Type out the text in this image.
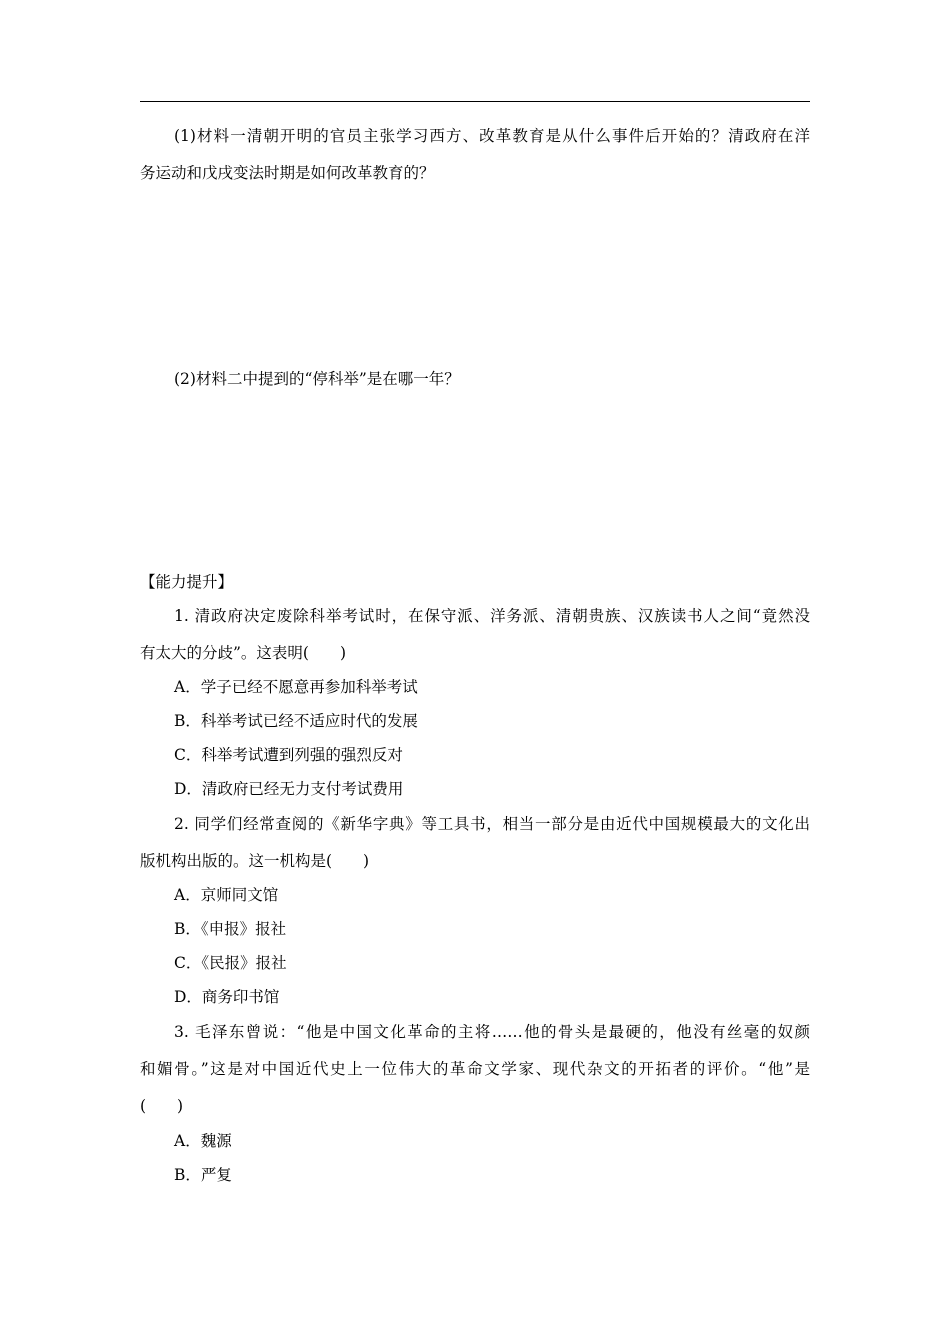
(1)材料一清朝开明的官员主张学习西方、改革教育是从什么事件后开始的？清政府在洋
务运动和戊戌变法时期是如何改革教育的？
(2)材料二中提到的“停科举”是在哪一年？
【能力提升】
1. 清政府决定废除科举考试时，在保守派、洋务派、清朝贵族、汉族读书人之间“竟然没
有太大的分歧”。这表明(　　)
A．学子已经不愿意再参加科举考试
B．科举考试已经不适应时代的发展
C．科举考试遭到列强的强烈反对
D．清政府已经无力支付考试费用
2. 同学们经常查阅的《新华字典》等工具书，相当一部分是由近代中国规模最大的文化出
版机构出版的。这一机构是(　　)
A．京师同文馆
B．《申报》报社
C．《民报》报社
D．商务印书馆
3. 毛泽东曾说：“他是中国文化革命的主将……他的骨头是最硬的，他没有丝毫的奴颜
和媚骨。”这是对中国近代史上一位伟大的革命文学家、现代杂文的开拓者的评价。“他”是
(　　)
A．魏源
B．严复
